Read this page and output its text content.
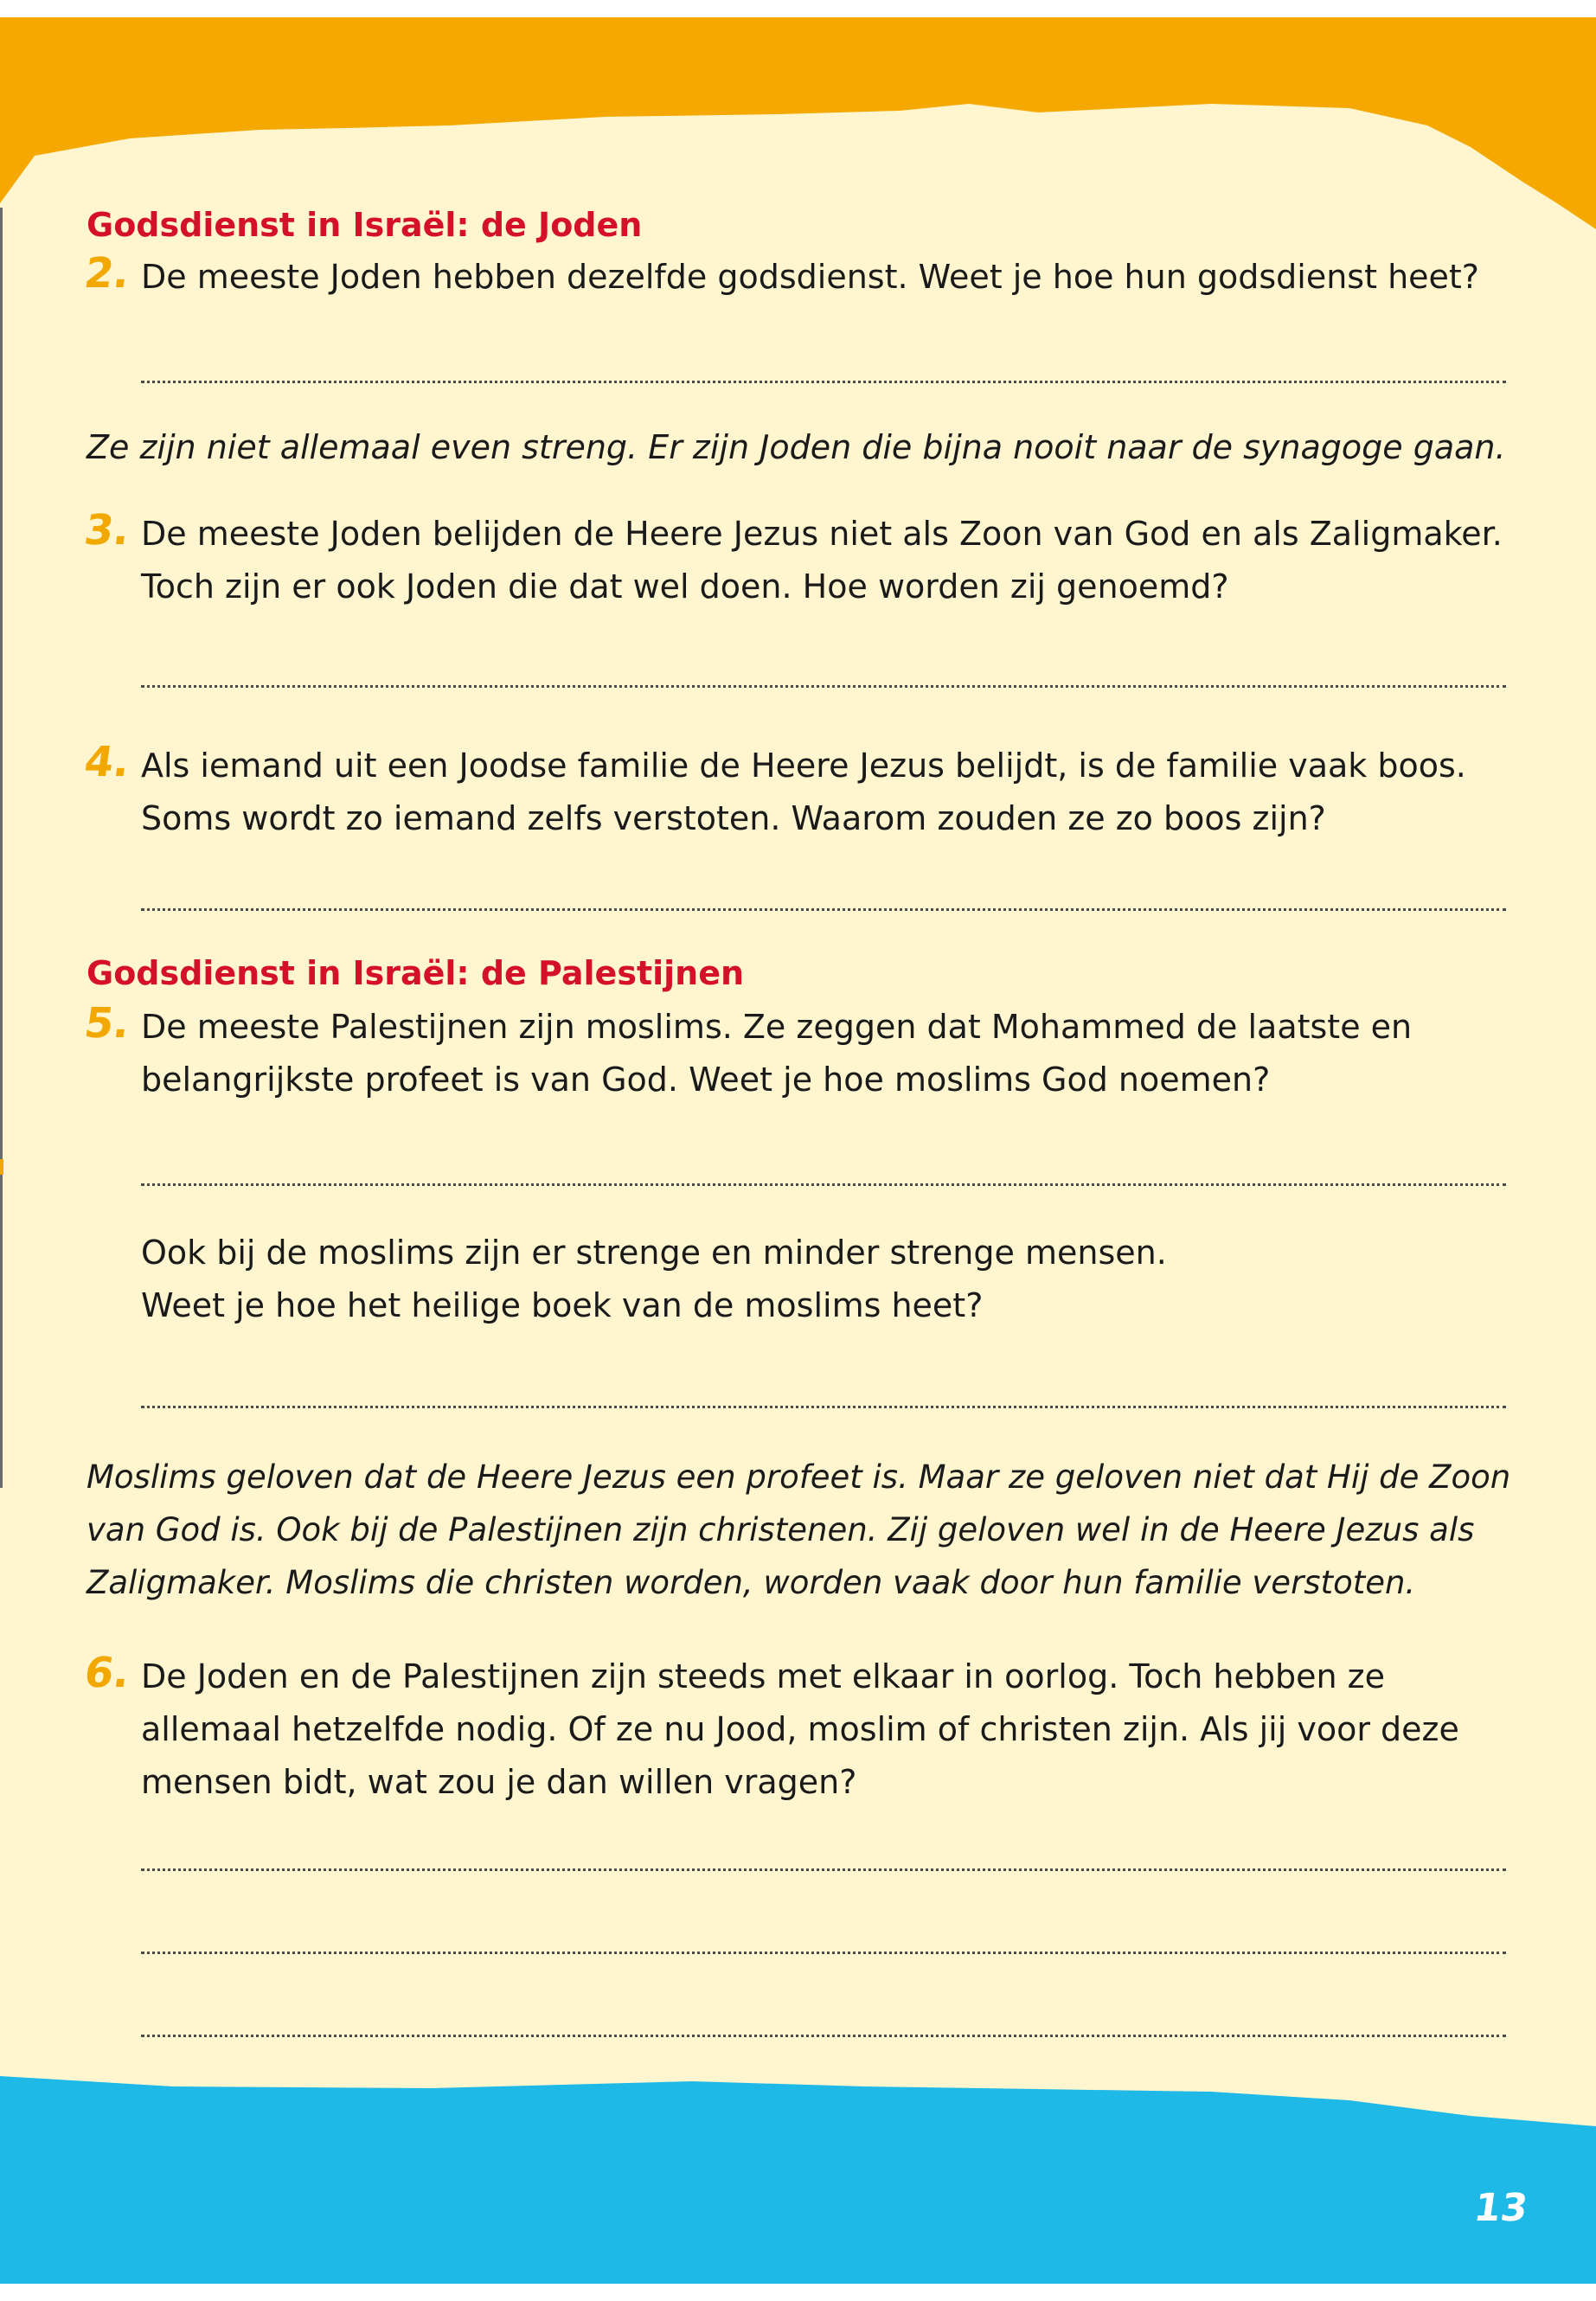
Godsdienst in Israël: de Joden
2. De meeste Joden hebben dezelfde godsdienst. Weet je hoe hun godsdienst heet?

Ze zijn niet allemaal even streng. Er zijn Joden die bijna nooit naar de synagoge gaan.

3. De meeste Joden belijden de Heere Jezus niet als Zoon van God en als Zaligmaker.
Toch zijn er ook Joden die dat wel doen. Hoe worden zij genoemd?

4. Als iemand uit een Joodse familie de Heere Jezus belijdt, is de familie vaak boos.
Soms wordt zo iemand zelfs verstoten. Waarom zouden ze zo boos zijn?

Godsdienst in Israël: de Palestijnen
5. De meeste Palestijnen zijn moslims. Ze zeggen dat Mohammed de laatste en
belangrijkste profeet is van God. Weet je hoe moslims God noemen?

Ook bij de moslims zijn er strenge en minder strenge mensen.
Weet je hoe het heilige boek van de moslims heet?

Moslims geloven dat de Heere Jezus een profeet is. Maar ze geloven niet dat Hij de Zoon
van God is. Ook bij de Palestijnen zijn christenen. Zij geloven wel in de Heere Jezus als
Zaligmaker. Moslims die christen worden, worden vaak door hun familie verstoten.

6. De Joden en de Palestijnen zijn steeds met elkaar in oorlog. Toch hebben ze
allemaal hetzelfde nodig. Of ze nu Jood, moslim of christen zijn. Als jij voor deze
mensen bidt, wat zou je dan willen vragen?

13
